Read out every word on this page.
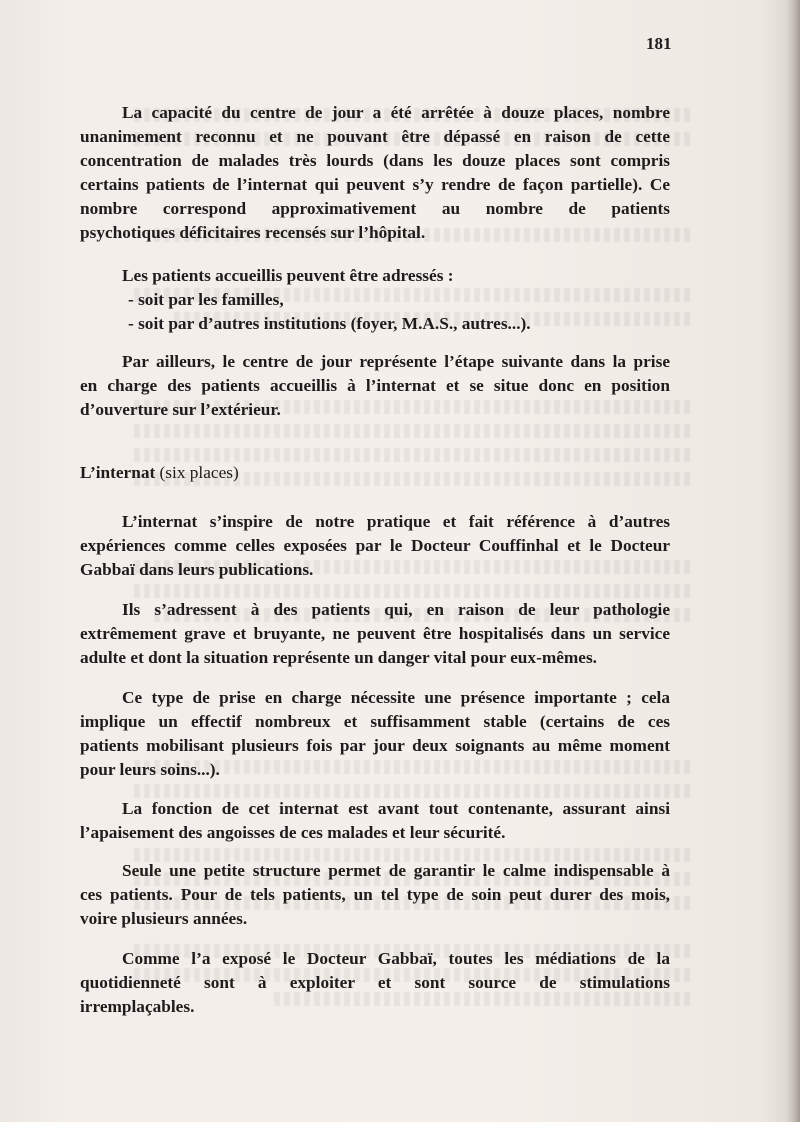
181
La capacité du centre de jour a été arrêtée à douze places, nombre
unanimement reconnu et ne pouvant être dépassé en raison de cette
concentration de malades très lourds (dans les douze places sont compris
certains patients de l’internat qui peuvent s’y rendre de façon partielle). Ce
nombre correspond approximativement au nombre de patients
psychotiques déficitaires recensés sur l’hôpital.
Les patients accueillis peuvent être adressés :
- soit par les familles,
- soit par d’autres institutions (foyer, M.A.S., autres...).
Par ailleurs, le centre de jour représente l’étape suivante dans la prise
en charge des patients accueillis à l’internat et se situe donc en position
d’ouverture sur l’extérieur.
L’internat (six places)
L’internat s’inspire de notre pratique et fait référence à d’autres
expériences comme celles exposées par le Docteur Couffinhal et le Docteur
Gabbaï dans leurs publications.
Ils s’adressent à des patients qui, en raison de leur pathologie
extrêmement grave et bruyante, ne peuvent être hospitalisés dans un service
adulte et dont la situation représente un danger vital pour eux-mêmes.
Ce type de prise en charge nécessite une présence importante ; cela
implique un effectif nombreux et suffisamment stable (certains de ces
patients mobilisant plusieurs fois par jour deux soignants au même moment
pour leurs soins...).
La fonction de cet internat est avant tout contenante, assurant ainsi
l’apaisement des angoisses de ces malades et leur sécurité.
Seule une petite structure permet de garantir le calme indispensable à
ces patients. Pour de tels patients, un tel type de soin peut durer des mois,
voire plusieurs années.
Comme l’a exposé le Docteur Gabbaï, toutes les médiations de la
quotidienneté sont à exploiter et sont source de stimulations
irremplaçables.
